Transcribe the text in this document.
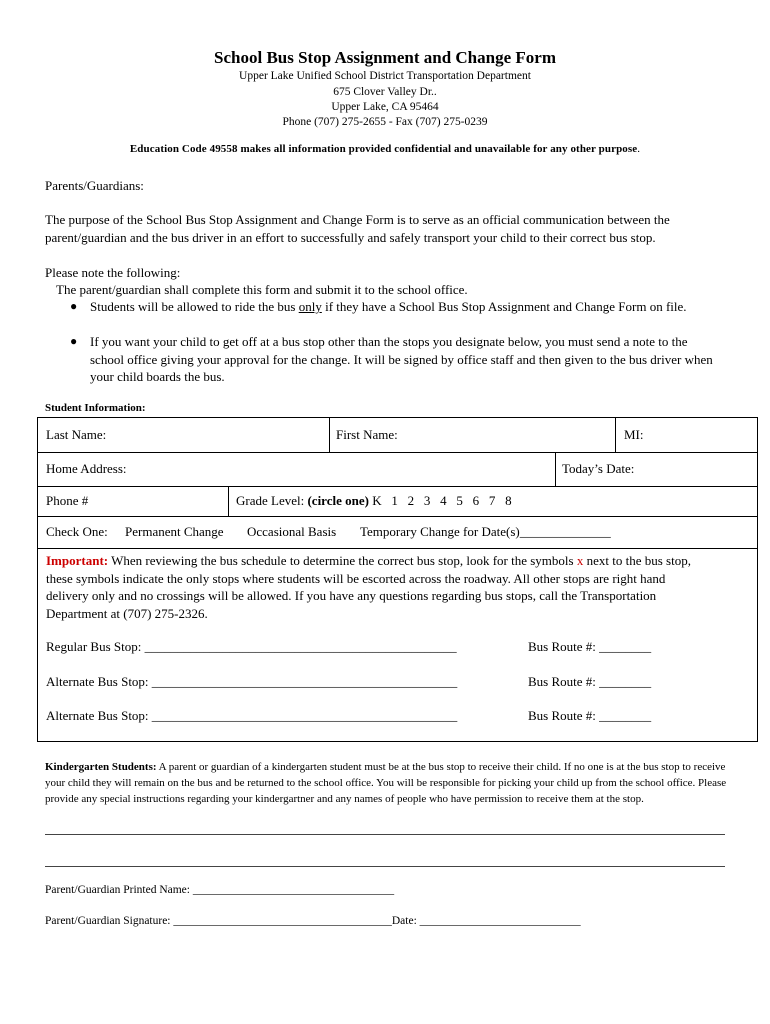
School Bus Stop Assignment and Change Form
Upper Lake Unified School District Transportation Department
675 Clover Valley Dr..
Upper Lake, CA 95464
Phone (707) 275-2655 - Fax (707) 275-0239
Education Code 49558 makes all information provided confidential and unavailable for any other purpose.
Parents/Guardians:
The purpose of the School Bus Stop Assignment and Change Form is to serve as an official communication between the parent/guardian and the bus driver in an effort to successfully and safely transport your child to their correct bus stop.
Please note the following:
The parent/guardian shall complete this form and submit it to the school office.
● Students will be allowed to ride the bus only if they have a School Bus Stop Assignment and Change Form on file.
● If you want your child to get off at a bus stop other than the stops you designate below, you must send a note to the school office giving your approval for the change. It will be signed by office staff and then given to the bus driver when your child boards the bus.
Student Information:
Last Name:	First Name:	MI:
Home Address:	Today’s Date:
Phone #	Grade Level: (circle one) K   1   2   3   4   5   6   7   8
Check One: Permanent Change Occasional Basis Temporary Change for Date(s)______________
Important: When reviewing the bus schedule to determine the correct bus stop, look for the symbols x next to the bus stop, these symbols indicate the only stops where students will be escorted across the roadway. All other stops are right hand delivery only and no crossings will be allowed. If you have any questions regarding bus stops, call the Transportation Department at (707) 275-2326.
Regular Bus Stop: ________________________________________________	Bus Route #: ________
Alternate Bus Stop: _______________________________________________	Bus Route #: ________
Alternate Bus Stop: _______________________________________________	Bus Route #: ________
Kindergarten Students: A parent or guardian of a kindergarten student must be at the bus stop to receive their child. If no one is at the bus stop to receive your child they will remain on the bus and be returned to the school office. You will be responsible for picking your child up from the school office. Please provide any special instructions regarding your kindergartner and any names of people who have permission to receive them at the stop.
Parent/Guardian Printed Name: ___________________________________
Parent/Guardian Signature: ______________________________________Date: ____________________________
